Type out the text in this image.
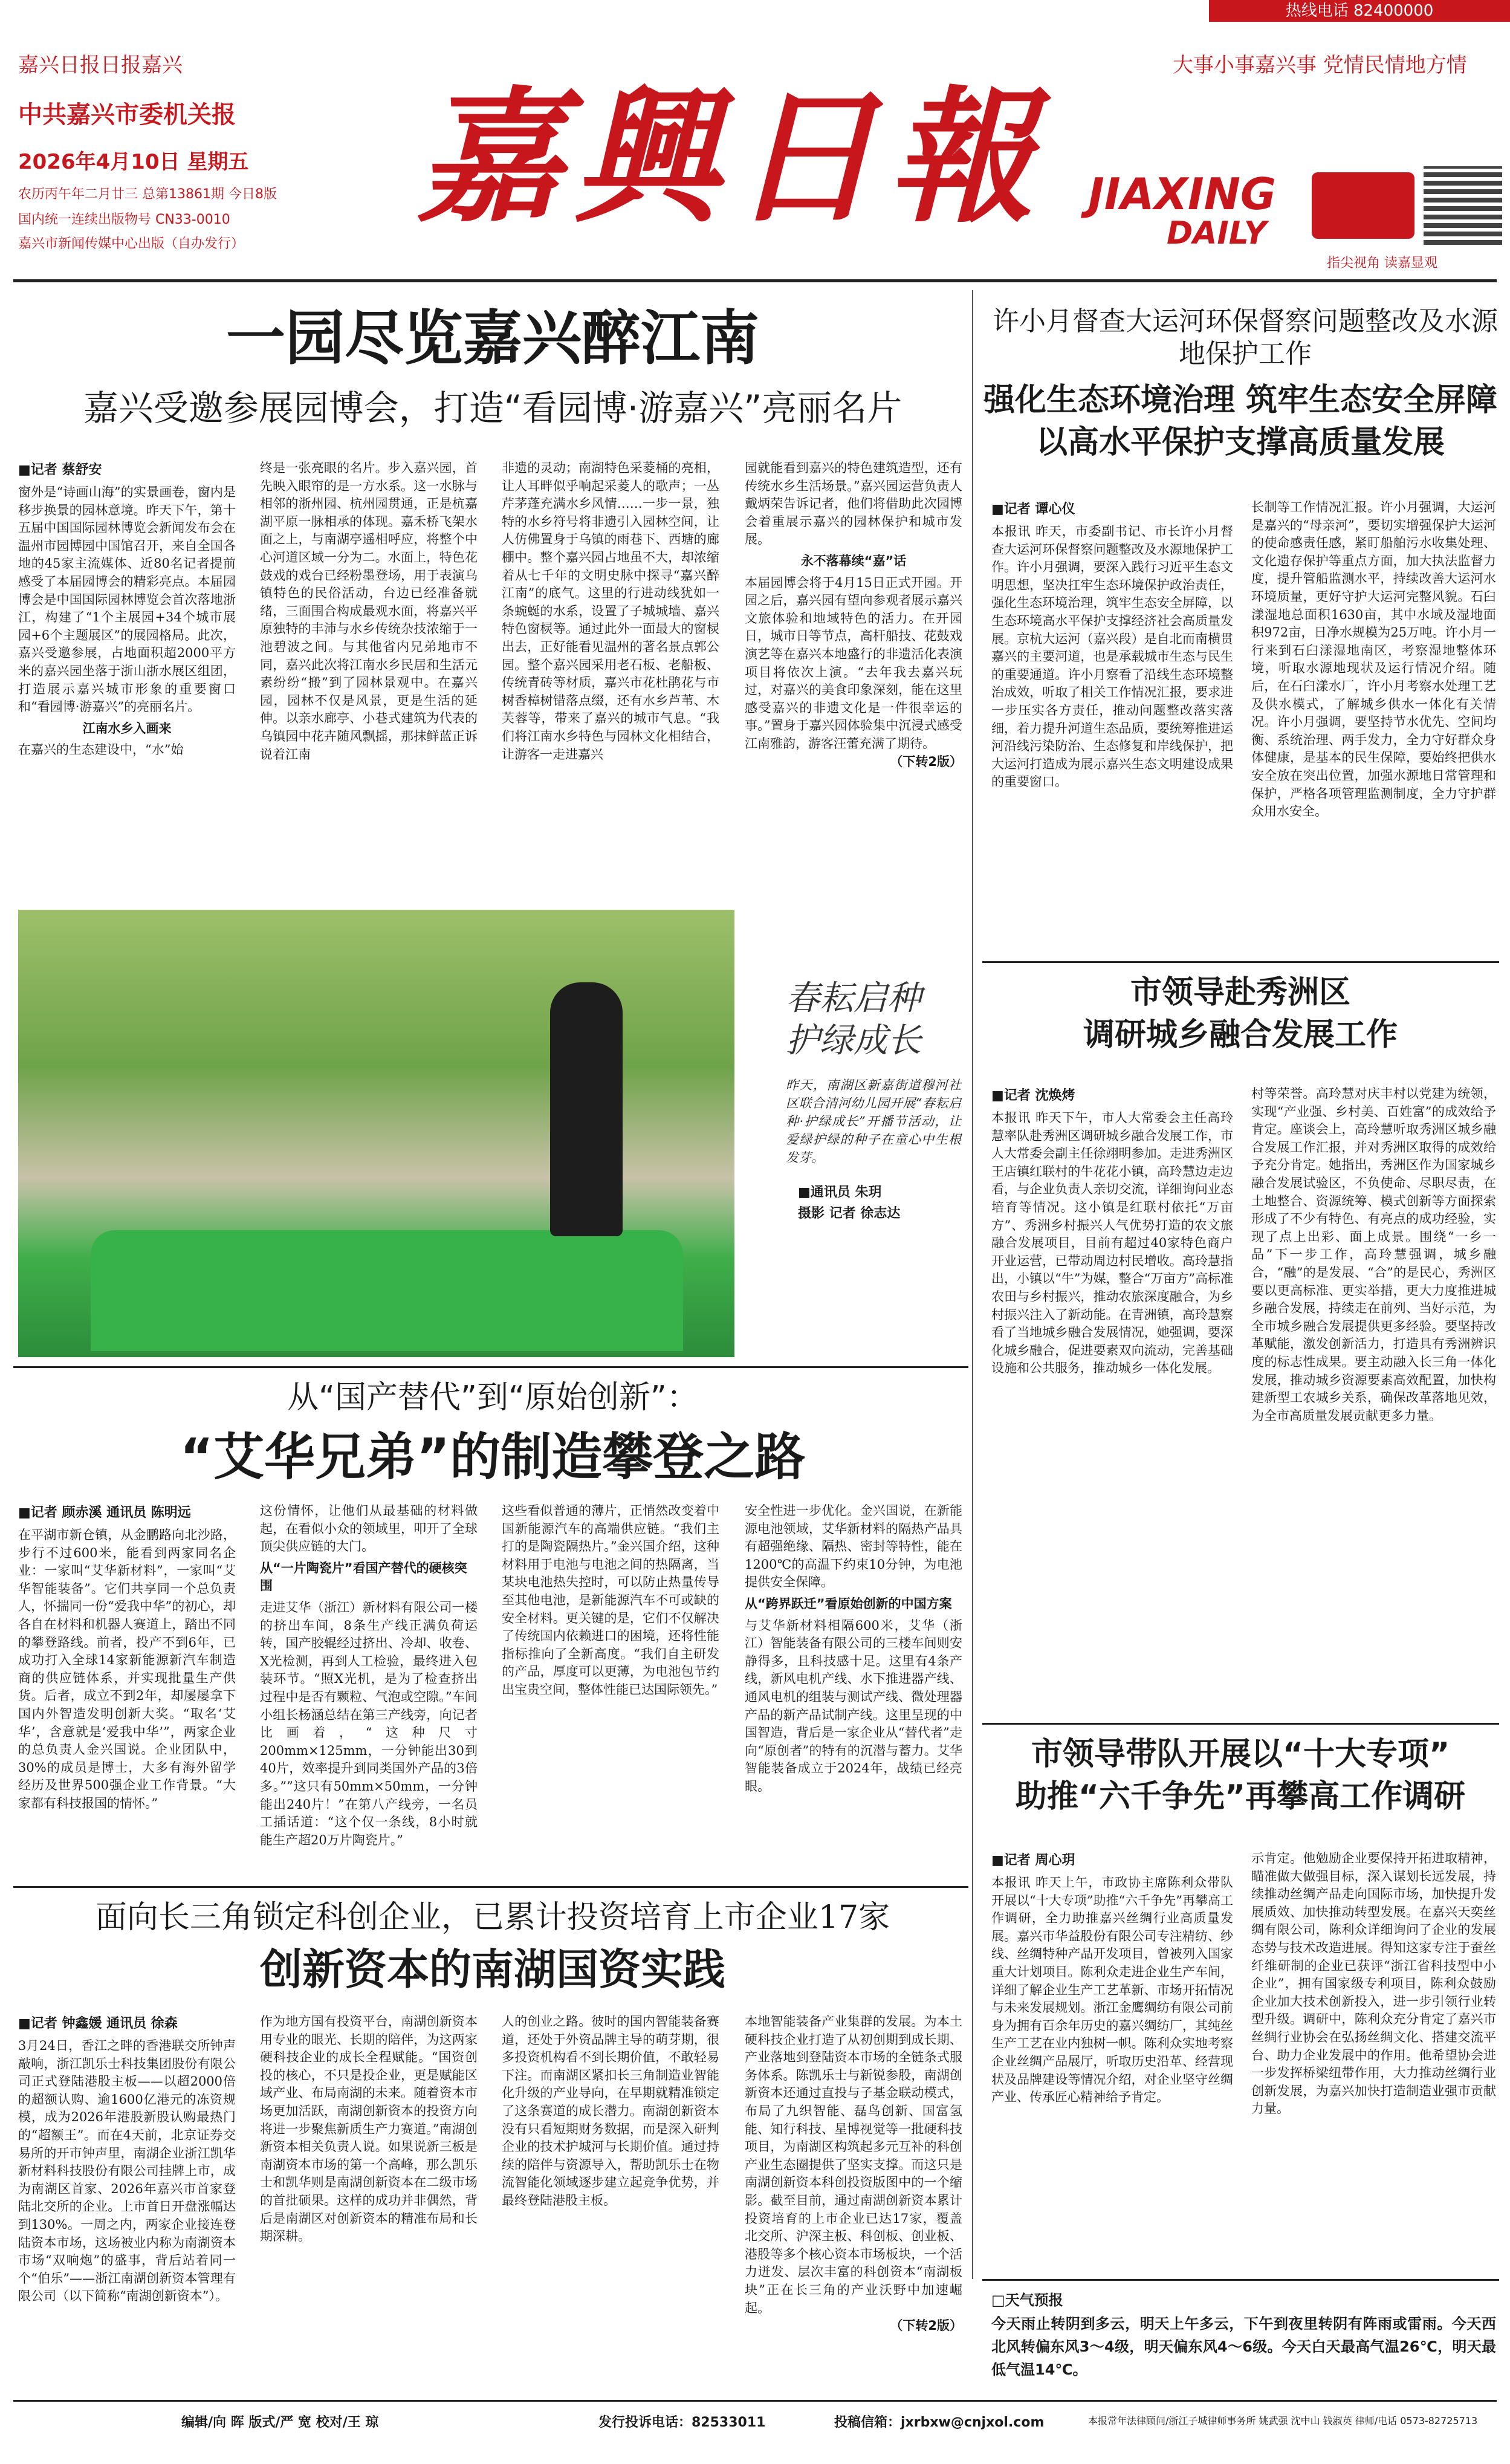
热线电话 82400000
嘉兴日报日报嘉兴	大事小事嘉兴事 党情民情地方情
中共嘉兴市委机关报
2026年4月10日 星期五
农历丙午年二月廿三 总第13861期 今日8版
国内统一连续出版物号 CN33-0010
嘉兴市新闻传媒中心出版（自办发行）
嘉興日報 JIAXING
DAILY
指尖视角 读嘉显观
一园尽览嘉兴醉江南
嘉兴受邀参展园博会，打造“看园博·游嘉兴”亮丽名片
■记者 蔡舒安
窗外是“诗画山海”的实景画卷，窗内是移步换景的园林意境。昨天下午，第十五届中国国际园林博览会新闻发布会在温州市园博园中国馆召开，来自全国各地的45家主流媒体、近80名记者提前感受了本届园博会的精彩亮点。本届园博会是中国国际园林博览会首次落地浙江，构建了“1个主展园+34个城市展园+6个主题展区”的展园格局。此次，嘉兴受邀参展，占地面积超2000平方米的嘉兴园坐落于浙山浙水展区组团，打造展示嘉兴城市形象的重要窗口和“看园博·游嘉兴”的亮丽名片。
江南水乡入画来
在嘉兴的生态建设中，“水”始
终是一张亮眼的名片。步入嘉兴园，首先映入眼帘的是一方水系。这一水脉与相邻的浙州园、杭州园贯通，正是杭嘉湖平原一脉相承的体现。嘉禾桥飞架水面之上，与南湖亭遥相呼应，将整个中心河道区域一分为二。水面上，特色花鼓戏的戏台已经粉墨登场，用于表演乌镇特色的民俗活动，台边已经准备就绪，三面围合构成最观水面，将嘉兴平原独特的丰沛与水乡传统杂技浓缩于一池碧波之间。与其他省内兄弟地市不同，嘉兴此次将江南水乡民居和生活元素纷纷“搬”到了园林景观中。在嘉兴园，园林不仅是风景，更是生活的延伸。以亲水廊亭、小巷式建筑为代表的乌镇园中花卉随风飘摇，那抹鲜蓝正诉说着江南
非遗的灵动；南湖特色采菱桶的亮相，让人耳畔似乎响起采菱人的歌声；一丛芹茅蓬充满水乡风情……一步一景，独特的水乡符号将非遗引入园林空间，让人仿佛置身于乌镇的雨巷下、西塘的廊棚中。整个嘉兴园占地虽不大，却浓缩着从七千年的文明史脉中探寻“嘉兴醉江南”的底气。这里的行进动线犹如一条蜿蜒的水系，设置了子城城墙、嘉兴特色窗棂等。通过此外一面最大的窗棂出去，正好能看见温州的著名景点郭公园。整个嘉兴园采用老石板、老船板、传统青砖等材质，嘉兴市花杜鹃花与市树香樟树错落点缀，还有水乡芦苇、木芙蓉等，带来了嘉兴的城市气息。“我们将江南水乡特色与园林文化相结合，让游客一走进嘉兴
园就能看到嘉兴的特色建筑造型，还有传统水乡生活场景。”嘉兴园运营负责人戴炳荣告诉记者，他们将借助此次园博会着重展示嘉兴的园林保护和城市发展。
永不落幕续“嘉”话
本届园博会将于4月15日正式开园。开园之后，嘉兴园有望向参观者展示嘉兴文旅体验和地域特色的活力。在开园日，城市日等节点，高杆船技、花鼓戏演艺等在嘉兴本地盛行的非遗活化表演项目将依次上演。“去年我去嘉兴玩过，对嘉兴的美食印象深刻，能在这里感受嘉兴的非遗文化是一件很幸运的事。”置身于嘉兴园体验集中沉浸式感受江南雅韵，游客汪蕾充满了期待。
（下转2版）
许小月督查大运河环保督察问题整改及水源地保护工作
强化生态环境治理 筑牢生态安全屏障
以高水平保护支撑高质量发展
■记者 谭心仪
本报讯 昨天，市委副书记、市长许小月督查大运河环保督察问题整改及水源地保护工作。许小月强调，要深入践行习近平生态文明思想，坚决扛牢生态环境保护政治责任，强化生态环境治理，筑牢生态安全屏障，以生态环境高水平保护支撑经济社会高质量发展。京杭大运河（嘉兴段）是自北而南横贯嘉兴的主要河道，也是承载城市生态与民生的重要通道。许小月察看了沿线生态环境整治成效，听取了相关工作情况汇报，要求进一步压实各方责任，推动问题整改落实落细，着力提升河道生态品质，要统筹推进运河沿线污染防治、生态修复和岸线保护，把大运河打造成为展示嘉兴生态文明建设成果的重要窗口。
长制等工作情况汇报。许小月强调，大运河是嘉兴的“母亲河”，要切实增强保护大运河的使命感责任感，紧盯船舶污水收集处理、文化遗存保护等重点方面，加大执法监督力度，提升管船监测水平，持续改善大运河水环境质量，更好守护大运河完整风貌。石臼漾湿地总面积1630亩，其中水域及湿地面积972亩，日净水规模为25万吨。许小月一行来到石臼漾湿地南区，考察湿地整体环境，听取水源地现状及运行情况介绍。随后，在石臼漾水厂，许小月考察水处理工艺及供水模式，了解城乡供水一体化有关情况。许小月强调，要坚持节水优先、空间均衡、系统治理、两手发力，全力守好群众身体健康，是基本的民生保障，要始终把供水安全放在突出位置，加强水源地日常管理和保护，严格各项管理监测制度，全力守护群众用水安全。
春耘启种
护绿成长
昨天，南湖区新嘉街道穆河社区联合清河幼儿园开展“春耘启种·护绿成长”开播节活动，让爱绿护绿的种子在童心中生根发芽。
■通讯员 朱玥
摄影 记者 徐志达
市领导赴秀洲区
调研城乡融合发展工作
■记者 沈焕烤
本报讯 昨天下午，市人大常委会主任高玲慧率队赴秀洲区调研城乡融合发展工作，市人大常委会副主任徐翊明参加。走进秀洲区王店镇红联村的牛花花小镇，高玲慧边走边看，与企业负责人亲切交流，详细询问业态培育等情况。这小镇是红联村依托“万亩方”、秀洲乡村振兴人气优势打造的农文旅融合发展项目，目前有超过40家特色商户开业运营，已带动周边村民增收。高玲慧指出，小镇以“牛”为媒，整合“万亩方”高标准农田与乡村振兴，推动农旅深度融合，为乡村振兴注入了新动能。在青洲镇，高玲慧察看了当地城乡融合发展情况，她强调，要深化城乡融合，促进要素双向流动，完善基础设施和公共服务，推动城乡一体化发展。
村等荣誉。高玲慧对庆丰村以党建为统领，实现“产业强、乡村美、百姓富”的成效给予肯定。座谈会上，高玲慧听取秀洲区城乡融合发展工作汇报，并对秀洲区取得的成效给予充分肯定。她指出，秀洲区作为国家城乡融合发展试验区，不负使命、尽职尽责，在土地整合、资源统筹、模式创新等方面探索形成了不少有特色、有亮点的成功经验，实现了点上出彩、面上成景。围绕“一乡一品”下一步工作，高玲慧强调，城乡融合，“融”的是发展、“合”的是民心，秀洲区要以更高标准、更实举措，更大力度推进城乡融合发展，持续走在前列、当好示范，为全市城乡融合发展提供更多经验。要坚持改革赋能，激发创新活力，打造具有秀洲辨识度的标志性成果。要主动融入长三角一体化发展，推动城乡资源要素高效配置，加快构建新型工农城乡关系，确保改革落地见效，为全市高质量发展贡献更多力量。
从“国产替代”到“原始创新”：
“艾华兄弟”的制造攀登之路
■记者 顾赤溪 通讯员 陈明远
在平湖市新仓镇，从金鹏路向北沙路，步行不过600米，能看到两家同名企业：一家叫“艾华新材料”，一家叫“艾华智能装备”。它们共享同一个总负责人，怀揣同一份“爱我中华”的初心，却各自在材料和机器人赛道上，踏出不同的攀登路线。前者，投产不到6年，已成功打入全球14家新能源新汽车制造商的供应链体系，并实现批量生产供货。后者，成立不到2年，却屡屡拿下国内外智造发明创新大奖。“取名‘艾华’，含意就是‘爱我中华’”，两家企业的总负责人金兴国说。企业团队中，30%的成员是博士，大多有海外留学经历及世界500强企业工作背景。“大家都有科技报国的情怀。”
这份情怀，让他们从最基础的材料做起，在看似小众的领域里，叩开了全球顶尖供应链的大门。
从“一片陶瓷片”看国产替代的硬核突围
走进艾华（浙江）新材料有限公司一楼的挤出车间，8条生产线正满负荷运转，国产胶辊经过挤出、冷却、收卷、X光检测，再到人工检验，最终进入包装环节。“照X光机，是为了检查挤出过程中是否有颗粒、气泡或空隙。”车间小组长杨涵总结在第三产线旁，向记者比画着，“这种尺寸200mm×125mm，一分钟能出30到40片，效率提升到同类国外产品的3倍多。””这只有50mm×50mm，一分钟能出240片！”在第八产线旁，一名员工插话道：“这个仅一条线，8小时就能生产超20万片陶瓷片。”
这些看似普通的薄片，正悄然改变着中国新能源汽车的高端供应链。“我们主打的是陶瓷隔热片。”金兴国介绍，这种材料用于电池与电池之间的热隔离，当某块电池热失控时，可以防止热量传导至其他电池，是新能源汽车不可或缺的安全材料。更关键的是，它们不仅解决了传统国内依赖进口的困境，还将性能指标推向了全新高度。“我们自主研发的产品，厚度可以更薄，为电池包节约出宝贵空间，整体性能已达国际领先。”
安全性进一步优化。金兴国说，在新能源电池领域，艾华新材料的隔热产品具有超强绝缘、隔热、密封等特性，能在1200℃的高温下约束10分钟，为电池提供安全保障。
从“跨界跃迁”看原始创新的中国方案
与艾华新材料相隔600米，艾华（浙江）智能装备有限公司的三楼车间则安静得多，且科技感十足。这里有4条产线，新风电机产线、水下推进器产线、通风电机的组装与测试产线、微处理器产品的新产品试制产线。这里呈现的中国智造，背后是一家企业从“替代者”走向“原创者”的特有的沉潜与蓄力。艾华智能装备成立于2024年，战绩已经亮眼。
市领导带队开展以“十大专项”
助推“六千争先”再攀高工作调研
■记者 周心玥
本报讯 昨天上午，市政协主席陈利众带队开展以“十大专项”助推“六千争先”再攀高工作调研，全力助推嘉兴丝绸行业高质量发展。嘉兴市华益股份有限公司专注精纺、纱线、丝绸特种产品开发项目，曾被列入国家重大计划项目。陈利众走进企业生产车间，详细了解企业生产工艺革新、市场开拓情况与未来发展规划。浙江金鹰绸纺有限公司前身为拥有百余年历史的嘉兴绸纺厂，其纯丝生产工艺在业内独树一帜。陈利众实地考察企业丝绸产品展厅，听取历史沿革、经营现状及品牌建设等情况介绍，对企业坚守丝绸产业、传承匠心精神给予肯定。
示肯定。他勉励企业要保持开拓进取精神，瞄准做大做强目标，深入谋划长远发展，持续推动丝绸产品走向国际市场，加快提升发展质效、加快推动转型发展。在嘉兴天奕丝绸有限公司，陈利众详细询问了企业的发展态势与技术改造进展。得知这家专注于蚕丝纤维研制的企业已获评“浙江省科技型中小企业”，拥有国家级专利项目，陈利众鼓励企业加大技术创新投入，进一步引领行业转型升级。调研中，陈利众充分肯定了嘉兴市丝绸行业协会在弘扬丝绸文化、搭建交流平台、助力企业发展中的作用。他希望协会进一步发挥桥梁纽带作用，大力推动丝绸行业创新发展，为嘉兴加快打造制造业强市贡献力量。
面向长三角锁定科创企业，已累计投资培育上市企业17家
创新资本的南湖国资实践
■记者 钟鑫媛 通讯员 徐森
3月24日，香江之畔的香港联交所钟声敲响，浙江凯乐士科技集团股份有限公司正式登陆港股主板——以超2000倍的超额认购、逾1600亿港元的冻资规模，成为2026年港股新股认购最热门的“超额王”。而在4天前，北京证券交易所的开市钟声里，南湖企业浙江凯华新材料科技股份有限公司挂牌上市，成为南湖区首家、2026年嘉兴市首家登陆北交所的企业。上市首日开盘涨幅达到130%。一周之内，两家企业接连登陆资本市场，这场被业内称为南湖资本市场“双响炮”的盛事，背后站着同一个“伯乐”——浙江南湖创新资本管理有限公司（以下简称“南湖创新资本”）。
作为地方国有投资平台，南湖创新资本用专业的眼光、长期的陪伴，为这两家硬科技企业的成长全程赋能。“国资创投的核心，不只是投企业，更是赋能区域产业、布局南湖的未来。随着资本市场更加活跃，南湖创新资本的投资方向将进一步聚焦新质生产力赛道。”南湖创新资本相关负责人说。如果说新三板是南湖资本市场的第一个高峰，那么凯乐士和凯华则是南湖创新资本在二级市场的首批硕果。这样的成功并非偶然，背后是南湖区对创新资本的精准布局和长期深耕。
人的创业之路。彼时的国内智能装备赛道，还处于外资品牌主导的萌芽期，很多投资机构看不到长期价值，不敢轻易下注。而南湖区紧扣长三角制造业智能化升级的产业导向，在早期就精准锁定了这条赛道的成长潜力。南湖创新资本没有只看短期财务数据，而是深入研判企业的技术护城河与长期价值。通过持续的陪伴与资源导入，帮助凯乐士在物流智能化领域逐步建立起竞争优势，并最终登陆港股主板。
本地智能装备产业集群的发展。为本土硬科技企业打造了从初创期到成长期、产业落地到登陆资本市场的全链条式服务体系。陈凯乐士与新锐参股，南湖创新资本还通过直投与子基金联动模式，布局了九织智能、磊鸟创新、国富氢能、知行科技、星博视觉等一批硬科技项目，为南湖区构筑起多元互补的科创产业生态圈提供了坚实支撑。而这只是南湖创新资本科创投资版图中的一个缩影。截至目前，通过南湖创新资本累计投资培育的上市企业已达17家，覆盖北交所、沪深主板、科创板、创业板、港股等多个核心资本市场板块，一个活力迸发、层次丰富的科创资本“南湖板块”正在长三角的产业沃野中加速崛起。
（下转2版）
□天气预报
今天雨止转阴到多云，明天上午多云，下午到夜里转阴有阵雨或雷雨。今天西北风转偏东风3～4级，明天偏东风4～6级。今天白天最高气温26℃，明天最低气温14℃。
编辑/向 晖 版式/严 宽 校对/王 琼	发行投诉电话：82533011	投稿信箱：jxrbxw@cnjxol.com	本报常年法律顾问/浙江子城律师事务所 姚武强 沈中山 钱淑英 律师/电话 0573-82725713
